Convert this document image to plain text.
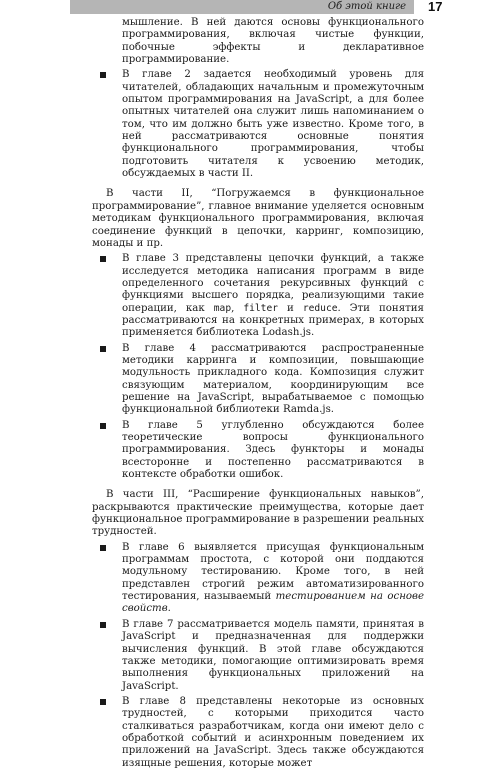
Об этой книге 17

мышление. В ней даются основы функционального программирования, включая чистые функции, побочные эффекты и декларативное программирование.

В главе 2 задается необходимый уровень для читателей, обладающих начальным и промежуточным опытом программирования на JavaScript, а для более опытных читателей она служит лишь напоминанием о том, что им должно быть уже известно. Кроме того, в ней рассматриваются основные понятия функционального программирования, чтобы подготовить читателя к усвоению методик, обсуждаемых в части II.

В части II, “Погружаемся в функциональное программирование”, главное внимание уделяется основным методикам функционального программирования, включая соединение функций в цепочки, карринг, композицию, монады и пр.

В главе 3 представлены цепочки функций, а также исследуется методика написания программ в виде определенного сочетания рекурсивных функций с функциями высшего порядка, реализующими такие операции, как map, filter и reduce. Эти понятия рассматриваются на конкретных примерах, в которых применяется библиотека Lodash.js.
В главе 4 рассматриваются распространенные методики карринга и композиции, повышающие модульность прикладного кода. Композиция служит связующим материалом, координирующим все решение на JavaScript, вырабатываемое с помощью функциональной библиотеки Ramda.js.
В главе 5 углубленно обсуждаются более теоретические вопросы функционального программирования. Здесь функторы и монады всесторонне и постепенно рассматриваются в контексте обработки ошибок.

В части III, “Расширение функциональных навыков”, раскрываются практические преимущества, которые дает функциональное программирование в разрешении реальных трудностей.

В главе 6 выявляется присущая функциональным программам простота, с которой они поддаются модульному тестированию. Кроме того, в ней представлен строгий режим автоматизированного тестирования, называемый тестированием на основе свойств.
В главе 7 рассматривается модель памяти, принятая в JavaScript и предназначенная для поддержки вычисления функций. В этой главе обсуждаются также методики, помогающие оптимизировать время выполнения функциональных приложений на JavaScript.
В главе 8 представлены некоторые из основных трудностей, с которыми приходится часто сталкиваться разработчикам, когда они имеют дело с обработкой событий и асинхронным поведением их приложений на JavaScript. Здесь также обсуждаются изящные решения, которые может
